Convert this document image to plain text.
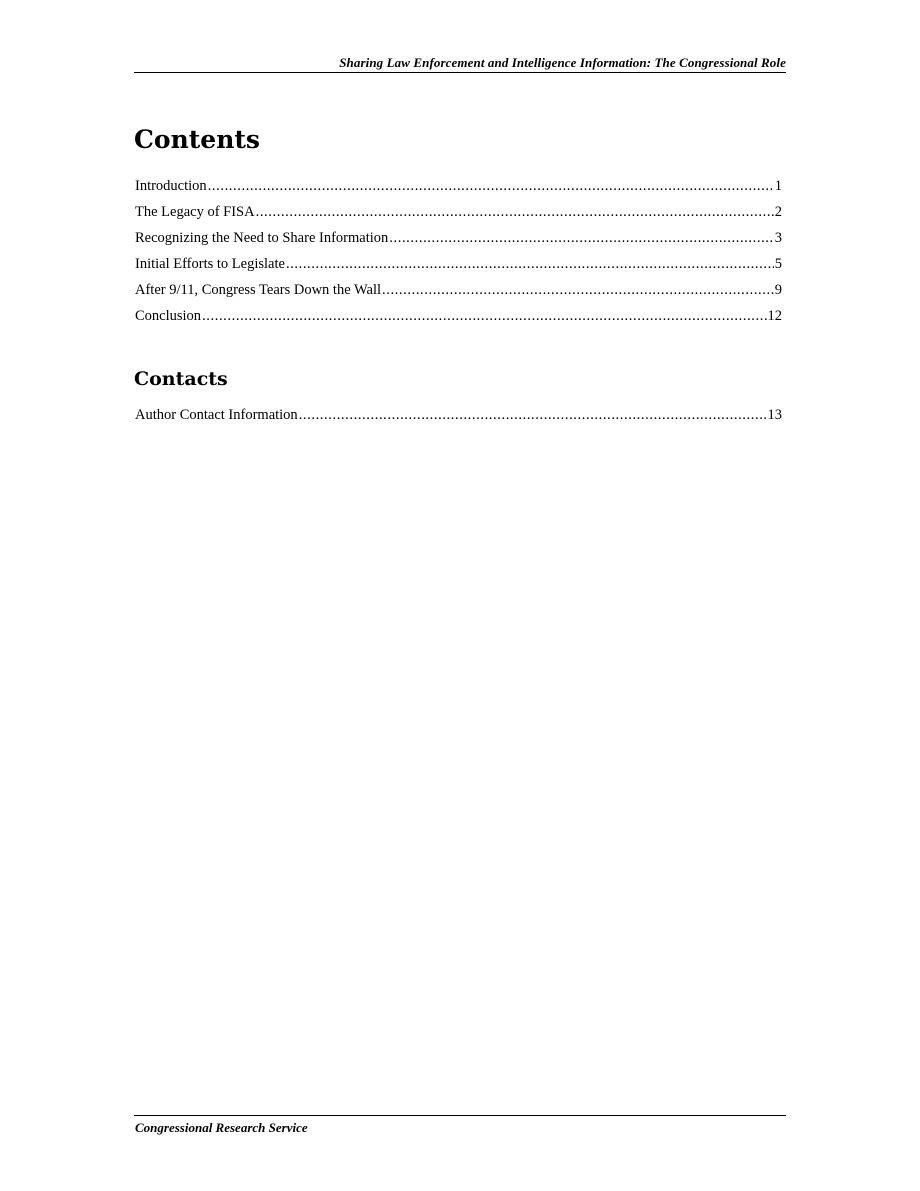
Sharing Law Enforcement and Intelligence Information: The Congressional Role
Contents
Introduction .....	1
The Legacy of FISA .....	2
Recognizing the Need to Share Information .....	3
Initial Efforts to Legislate .....	5
After 9/11, Congress Tears Down the Wall .....	9
Conclusion .....	12
Contacts
Author Contact Information .....	13
Congressional Research Service
